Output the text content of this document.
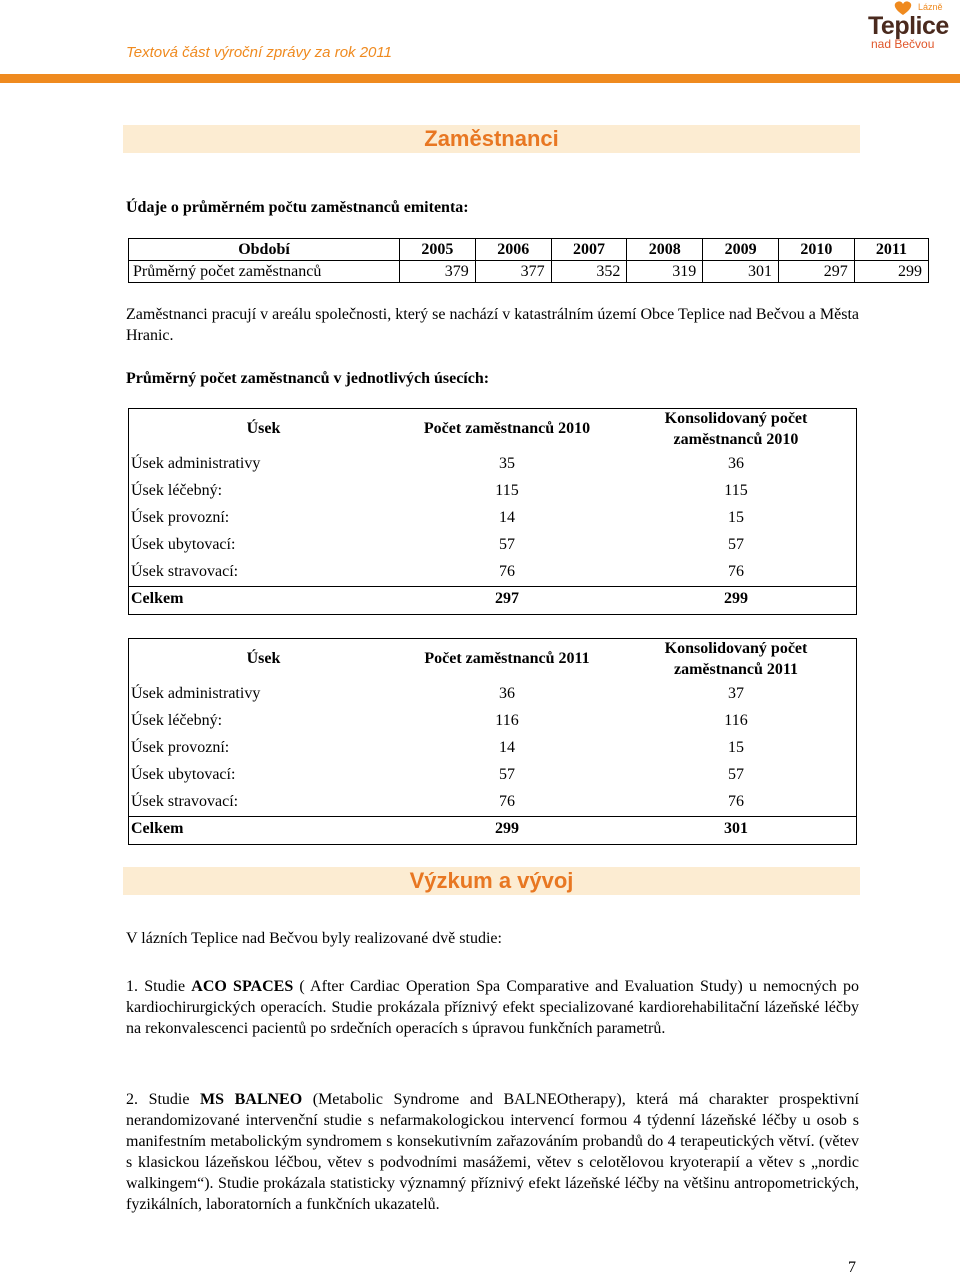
Textová část výroční zprávy za rok 2011
Lázně
Teplice
nad Bečvou
Zaměstnanci
Údaje o průměrném počtu zaměstnanců emitenta:
Období	2005	2006	2007	2008	2009	2010	2011
Průměrný počet zaměstnanců	379	377	352	319	301	297	299
Zaměstnanci pracují v areálu společnosti, který se nachází v katastrálním území Obce Teplice nad Bečvou a Města Hranic.
Průměrný počet zaměstnanců v jednotlivých úsecích:
Úsek	Počet zaměstnanců 2010	Konsolidovaný počet
zaměstnanců 2010
Úsek administrativy	35	36
Úsek léčebný:	115	115
Úsek provozní:	14	15
Úsek ubytovací:	57	57
Úsek stravovací:	76	76
Celkem	297	299
Úsek	Počet zaměstnanců 2011	Konsolidovaný počet
zaměstnanců 2011
Úsek administrativy	36	37
Úsek léčebný:	116	116
Úsek provozní:	14	15
Úsek ubytovací:	57	57
Úsek stravovací:	76	76
Celkem	299	301
Výzkum a vývoj
V lázních Teplice nad Bečvou byly realizované dvě studie:
1. Studie ACO SPACES ( After Cardiac Operation Spa Comparative and Evaluation Study) u nemocných po kardiochirurgických operacích. Studie prokázala příznivý efekt specializované kardiorehabilitační lázeňské léčby na rekonvalescenci pacientů po srdečních operacích s úpravou funkčních parametrů.
2. Studie MS BALNEO (Metabolic Syndrome and BALNEOtherapy), která má charakter prospektivní nerandomizované intervenční studie s nefarmakologickou intervencí formou 4 týdenní lázeňské léčby u osob s manifestním metabolickým syndromem s konsekutivním zařazováním probandů do 4 terapeutických větví. (větev s klasickou lázeňskou léčbou, větev s podvodními masážemi, větev s celotělovou kryoterapií a větev s „nordic walkingem“). Studie prokázala statisticky významný příznivý efekt lázeňské léčby na většinu antropometrických, fyzikálních, laboratorních a funkčních ukazatelů.
7
